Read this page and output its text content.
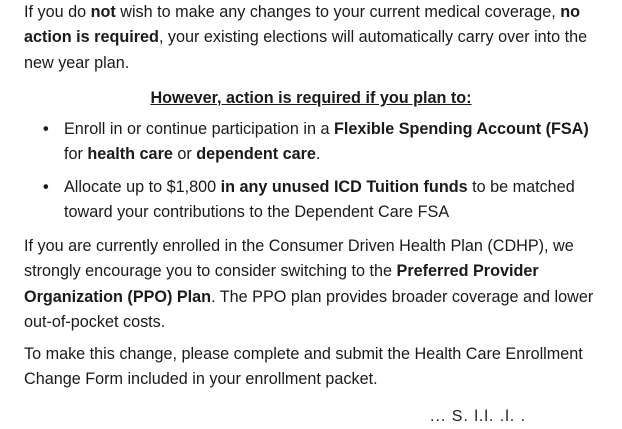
If you do not wish to make any changes to your current medical coverage, no action is required, your existing elections will automatically carry over into the new year plan.

However, action is required if you plan to:
• Enroll in or continue participation in a Flexible Spending Account (FSA) for health care or dependent care.
• Allocate up to $1,800 in any unused ICD Tuition funds to be matched toward your contributions to the Dependent Care FSA

If you are currently enrolled in the Consumer Driven Health Plan (CDHP), we strongly encourage you to consider switching to the Preferred Provider Organization (PPO) Plan. The PPO plan provides broader coverage and lower out-of-pocket costs.

To make this change, please complete and submit the Health Care Enrollment Change Form included in your enrollment packet.

... S. l.l. .l. .
